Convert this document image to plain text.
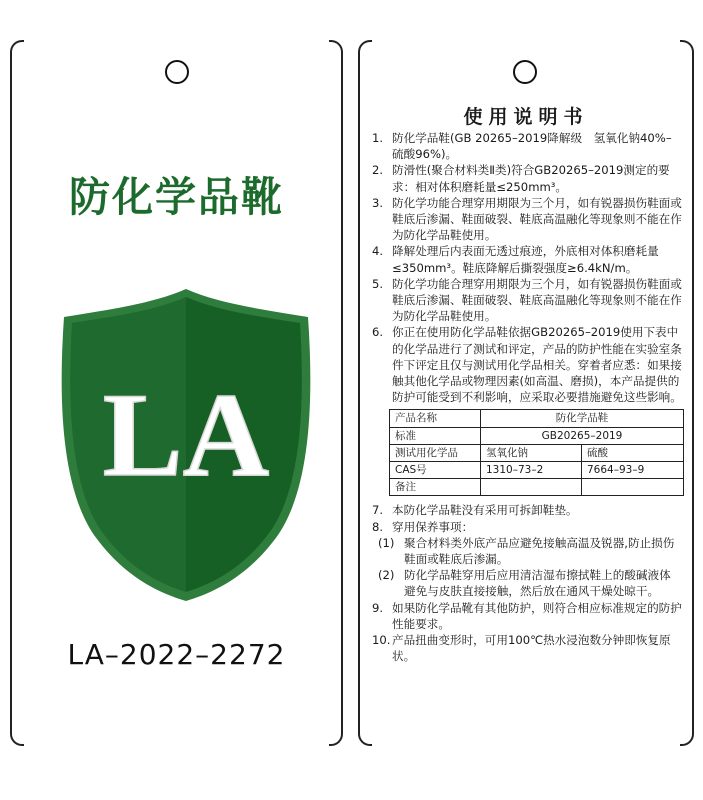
防化学品靴
LA
LA–2022–2272
使用说明书
1. 防化学品鞋(GB 20265–2019降解级　氢氧化钠40%–硫酸96%)。
2. 防滑性(聚合材料类Ⅱ类)符合GB20265–2019测定的要求：相对体积磨耗量≤250mm³。
3. 防化学功能合理穿用期限为三个月，如有锐器损伤鞋面或鞋底后渗漏、鞋面破裂、鞋底高温融化等现象则不能在作为防化学品鞋使用。
4. 降解处理后内表面无透过痕迹，外底相对体积磨耗量≤350mm³。鞋底降解后撕裂强度≥6.4kN/m。
5. 防化学功能合理穿用期限为三个月，如有锐器损伤鞋面或鞋底后渗漏、鞋面破裂、鞋底高温融化等现象则不能在作为防化学品鞋使用。
6. 你正在使用防化学品鞋依据GB20265–2019使用下表中的化学品进行了测试和评定，产品的防护性能在实验室条件下评定且仅与测试用化学品相关。穿着者应悉：如果接触其他化学品或物理因素(如高温、磨损)，本产品提供的防护可能受到不利影响，应采取必要措施避免这些影响。
产品名称	防化学品鞋	
标准	GB20265–2019	
测试用化学品	氢氧化钠	硫酸
CAS号	1310–73–2	7664–93–9
备注		
7. 本防化学品鞋没有采用可拆卸鞋垫。
8. 穿用保养事项：
(1) 聚合材料类外底产品应避免接触高温及锐器,防止损伤鞋面或鞋底后渗漏。
(2) 防化学品鞋穿用后应用清洁湿布擦拭鞋上的酸碱液体避免与皮肤直接接触，然后放在通风干燥处晾干。
9. 如果防化学品靴有其他防护，则符合相应标准规定的防护性能要求。
10. 产品扭曲变形时，可用100℃热水浸泡数分钟即恢复原状。
